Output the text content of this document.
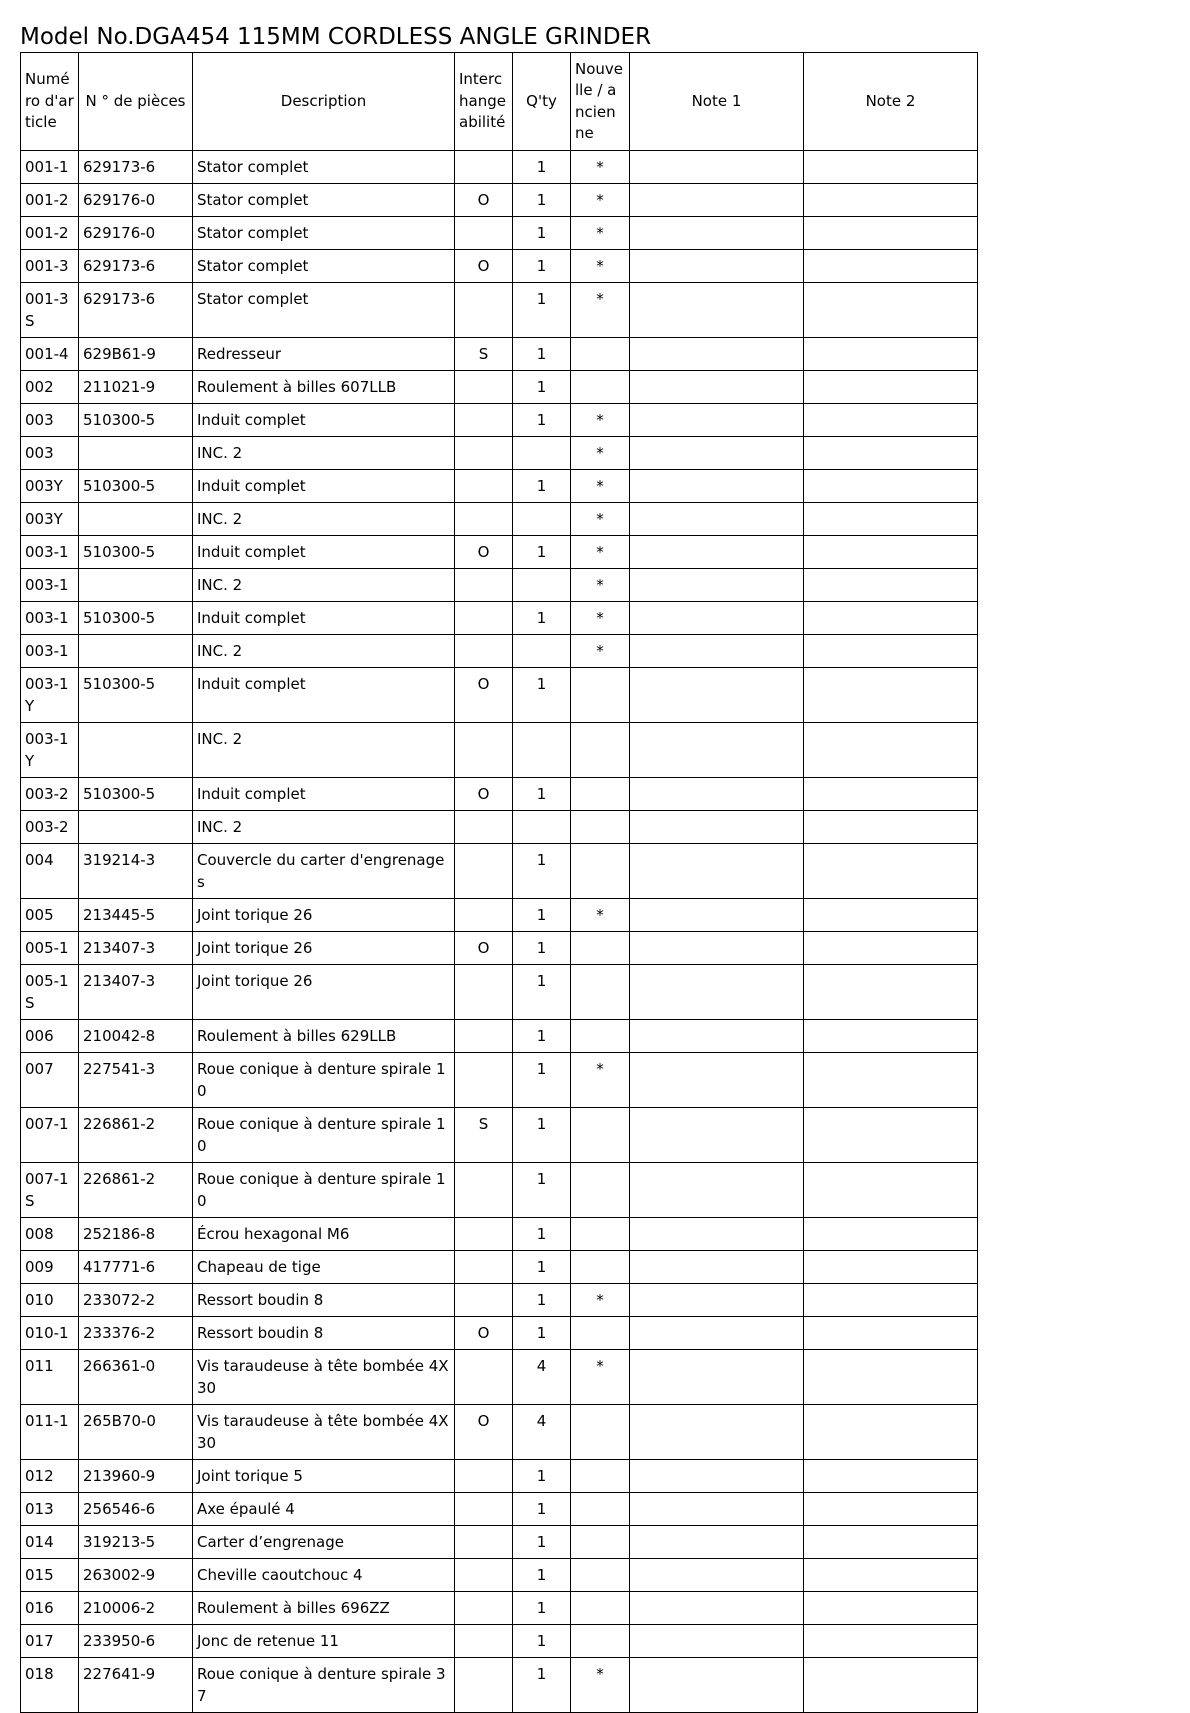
Model No.DGA454 115MM CORDLESS ANGLE GRINDER
Numéro d'article	N ° de pièces	Description	Interchangeabilité	Q'ty	Nouvelle / ancienne	Note 1	Note 2
001-1	629173-6	Stator complet		1	*		
001-2	629176-0	Stator complet	O	1	*		
001-2	629176-0	Stator complet		1	*		
001-3	629173-6	Stator complet	O	1	*		
001-3S	629173-6	Stator complet		1	*		
001-4	629B61-9	Redresseur	S	1			
002	211021-9	Roulement à billes 607LLB		1			
003	510300-5	Induit complet		1	*		
003		INC. 2			*		
003Y	510300-5	Induit complet		1	*		
003Y		INC. 2			*		
003-1	510300-5	Induit complet	O	1	*		
003-1		INC. 2			*		
003-1	510300-5	Induit complet		1	*		
003-1		INC. 2			*		
003-1Y	510300-5	Induit complet	O	1			
003-1Y		INC. 2					
003-2	510300-5	Induit complet	O	1			
003-2		INC. 2					
004	319214-3	Couvercle du carter d'engrenages		1			
005	213445-5	Joint torique 26		1	*		
005-1	213407-3	Joint torique 26	O	1			
005-1S	213407-3	Joint torique 26		1			
006	210042-8	Roulement à billes 629LLB		1			
007	227541-3	Roue conique à denture spirale 10		1	*		
007-1	226861-2	Roue conique à denture spirale 10	S	1			
007-1S	226861-2	Roue conique à denture spirale 10		1			
008	252186-8	Écrou hexagonal M6		1			
009	417771-6	Chapeau de tige		1			
010	233072-2	Ressort boudin 8		1	*		
010-1	233376-2	Ressort boudin 8	O	1			
011	266361-0	Vis taraudeuse à tête bombée 4X30		4	*		
011-1	265B70-0	Vis taraudeuse à tête bombée 4X30	O	4			
012	213960-9	Joint torique 5		1			
013	256546-6	Axe épaulé 4		1			
014	319213-5	Carter d’engrenage		1			
015	263002-9	Cheville caoutchouc 4		1			
016	210006-2	Roulement à billes 696ZZ		1			
017	233950-6	Jonc de retenue 11		1			
018	227641-9	Roue conique à denture spirale 37		1	*		
